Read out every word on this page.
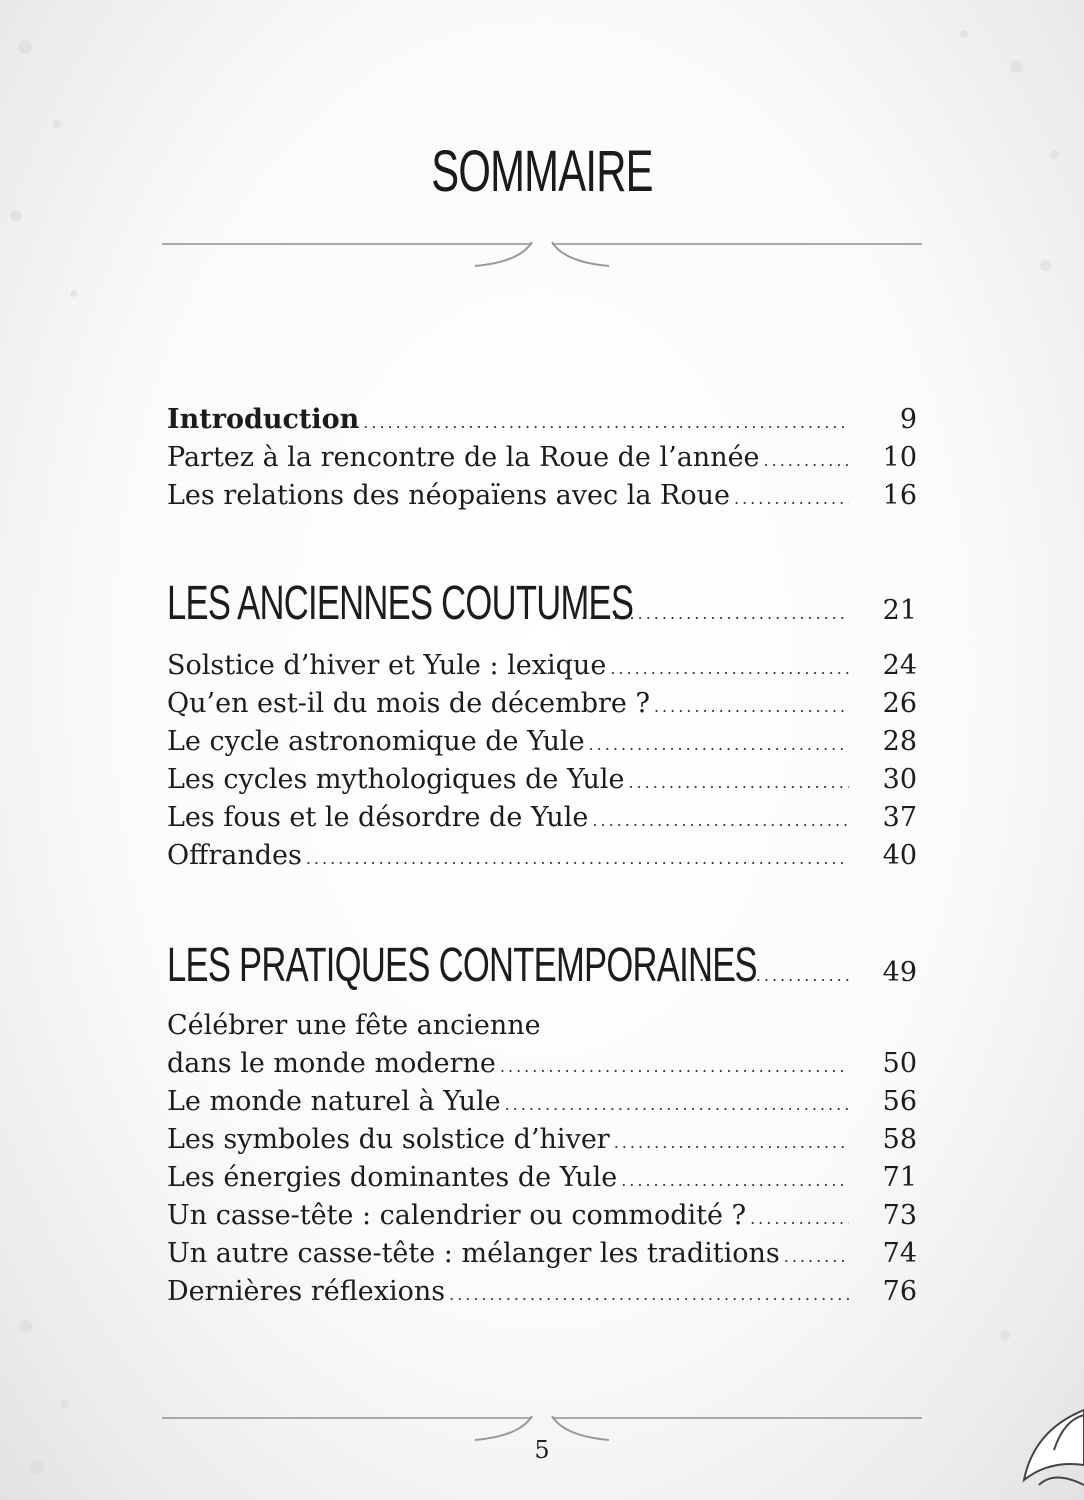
SOMMAIRE
Introduction .....	9
Partez à la rencontre de la Roue de l’année .....	10
Les relations des néopaïens avec la Roue .....	16
LES ANCIENNES COUTUMES .....	21
Solstice d’hiver et Yule : lexique .....	24
Qu’en est-il du mois de décembre ? .....	26
Le cycle astronomique de Yule .....	28
Les cycles mythologiques de Yule .....	30
Les fous et le désordre de Yule .....	37
Offrandes .....	40
LES PRATIQUES CONTEMPORAINES .....	49
Célébrer une fête ancienne
dans le monde moderne .....	50
Le monde naturel à Yule .....	56
Les symboles du solstice d’hiver .....	58
Les énergies dominantes de Yule .....	71
Un casse-tête : calendrier ou commodité ? .....	73
Un autre casse-tête : mélanger les traditions .....	74
Dernières réflexions .....	76
5
